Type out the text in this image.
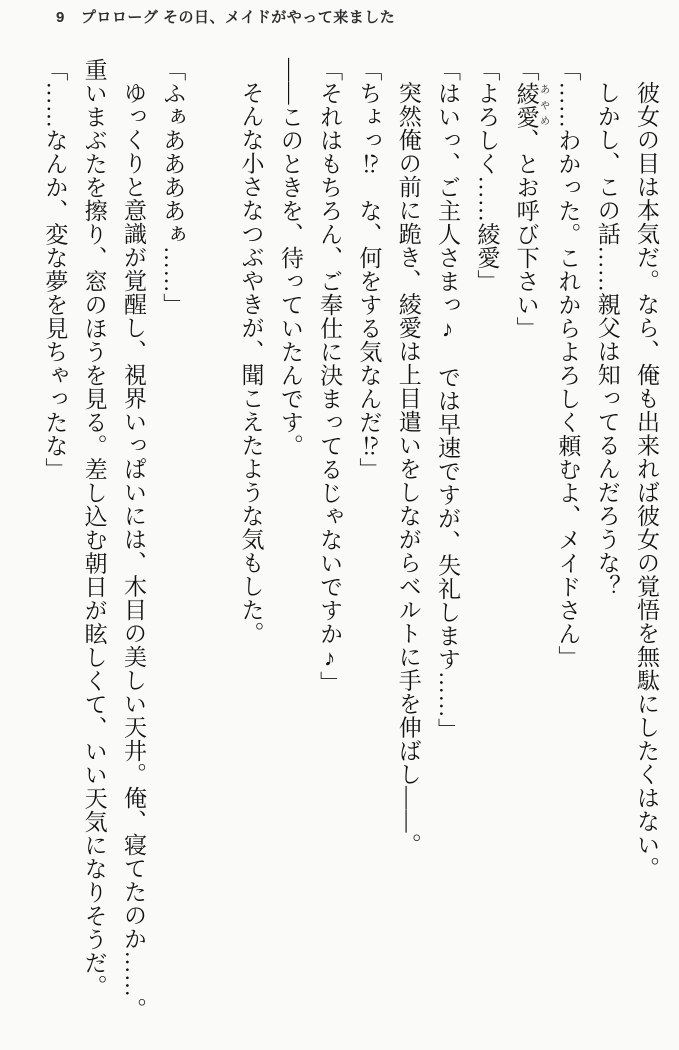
9 プロローグ その日、メイドがやって来ました

彼女の目は本気だ。なら、俺も出来れば彼女の覚悟を無駄にしたくはない。

しかし、この話……親父は知ってるんだろうな？

「……わかった。これからよろしく頼むよ、メイドさん」

「綾愛 あやめ、とお呼び下さい」

「よろしく……綾愛」

「はいっ、ご主人さまっ♪　では早速ですが、失礼します……」

突然俺の前に跪き、綾愛は上目遣いをしながらベルトに手を伸ばし――。

「ちょっ⁉　な、何をする気なんだ⁉」

「それはもちろん、ご奉仕に決まってるじゃないですか♪」

――このときを、待っていたんです。

そんな小さなつぶやきが、聞こえたような気もした。

「ふぁああああぁ……」

ゆっくりと意識が覚醒し、視界いっぱいには、木目の美しい天井。俺、寝てたのか……。

重いまぶたを擦り、窓のほうを見る。差し込む朝日が眩しくて、いい天気になりそうだ。

「……なんか、変な夢を見ちゃったな」
